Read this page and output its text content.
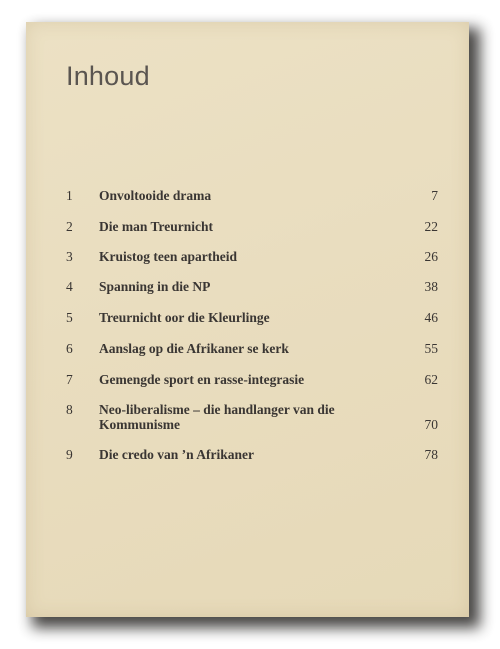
Inhoud
1 Onvoltooide drama	7
2 Die man Treurnicht	22
3 Kruistog teen apartheid	26
4 Spanning in die NP	38
5 Treurnicht oor die Kleurlinge	46
6 Aanslag op die Afrikaner se kerk	55
7 Gemengde sport en rasse-integrasie	62
8 Neo-liberalisme – die handlanger van die Kommunisme	70
9 Die credo van ’n Afrikaner	78
